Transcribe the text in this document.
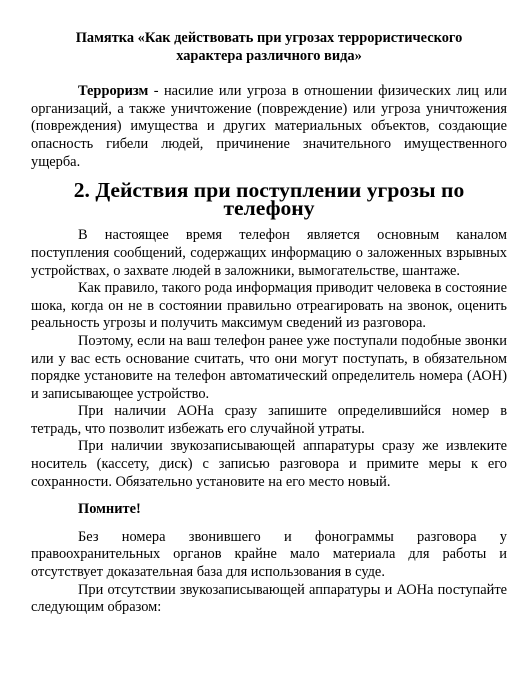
Памятка «Как действовать при угрозах террористического характера различного вида»

Терроризм - насилие или угроза в отношении физических лиц или организаций, а также уничтожение (повреждение) или угроза уничтожения (повреждения) имущества и других материальных объектов, создающие опасность гибели людей, причинение значительного имущественного ущерба.

2. Действия при поступлении угрозы по телефону

В настоящее время телефон является основным каналом поступления сообщений, содержащих информацию о заложенных взрывных устройствах, о захвате людей в заложники, вымогательстве, шантаже.

Как правило, такого рода информация приводит человека в состояние шока, когда он не в состоянии правильно отреагировать на звонок, оценить реальность угрозы и получить максимум сведений из разговора.

Поэтому, если на ваш телефон ранее уже поступали подобные звонки или у вас есть основание считать, что они могут поступать, в обязательном порядке установите на телефон автоматический определитель номера (АОН) и записывающее устройство.

При наличии АОНа сразу запишите определившийся номер в тетрадь, что позволит избежать его случайной утраты.

При наличии звукозаписывающей аппаратуры сразу же извлеките носитель (кассету, диск) с записью разговора и примите меры к его сохранности. Обязательно установите на его место новый.

Помните!

Без номера звонившего и фонограммы разговора у правоохранительных органов крайне мало материала для работы и отсутствует доказательная база для использования в суде.

При отсутствии звукозаписывающей аппаратуры и АОНа поступайте следующим образом:
